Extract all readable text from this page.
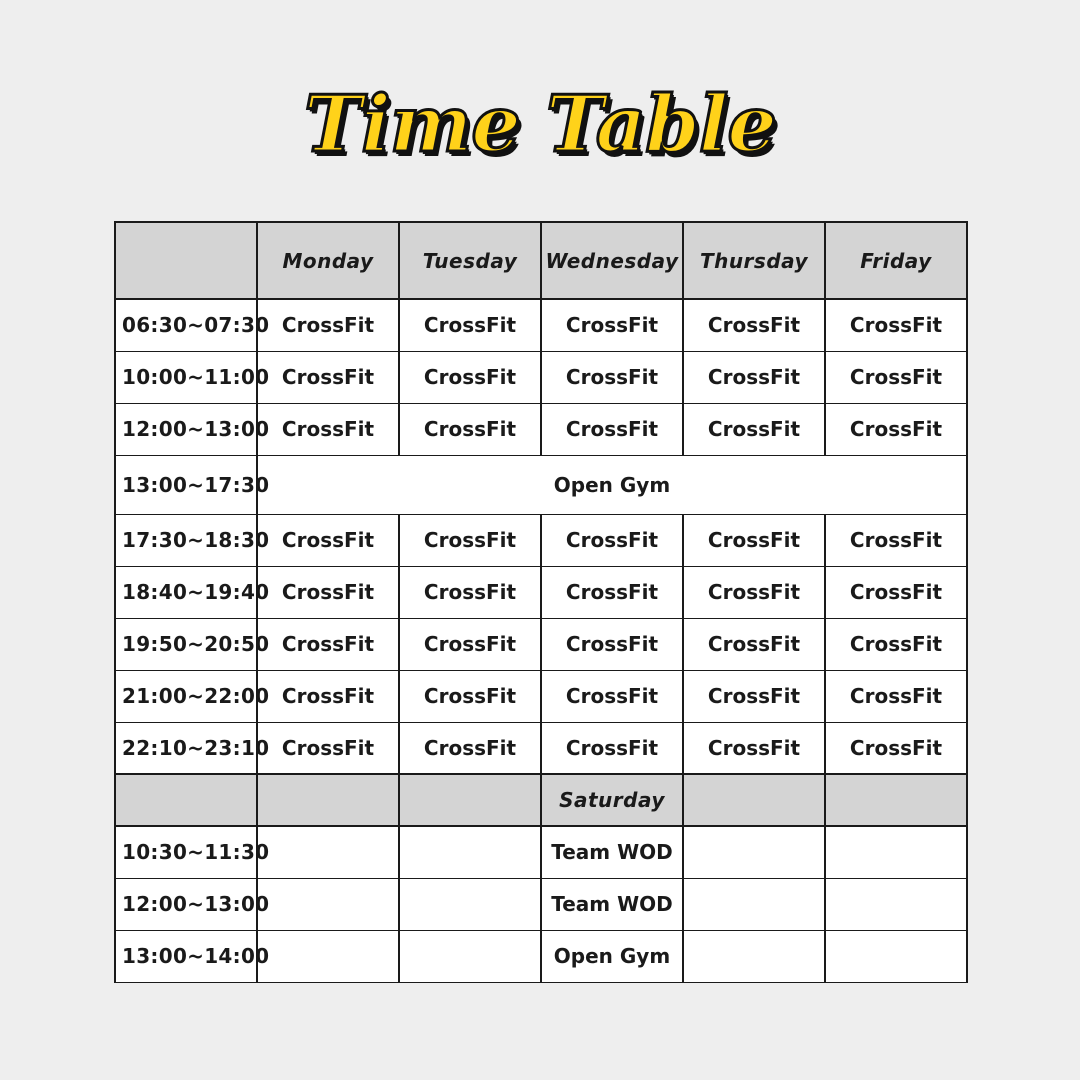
Time Table
	Monday	Tuesday	Wednesday	Thursday	Friday
06:30~07:30	CrossFit	CrossFit	CrossFit	CrossFit	CrossFit
10:00~11:00	CrossFit	CrossFit	CrossFit	CrossFit	CrossFit
12:00~13:00	CrossFit	CrossFit	CrossFit	CrossFit	CrossFit
13:00~17:30	Open Gym				
17:30~18:30	CrossFit	CrossFit	CrossFit	CrossFit	CrossFit
18:40~19:40	CrossFit	CrossFit	CrossFit	CrossFit	CrossFit
19:50~20:50	CrossFit	CrossFit	CrossFit	CrossFit	CrossFit
21:00~22:00	CrossFit	CrossFit	CrossFit	CrossFit	CrossFit
22:10~23:10	CrossFit	CrossFit	CrossFit	CrossFit	CrossFit
			Saturday		
10:30~11:30			Team WOD		
12:00~13:00			Team WOD		
13:00~14:00			Open Gym		
